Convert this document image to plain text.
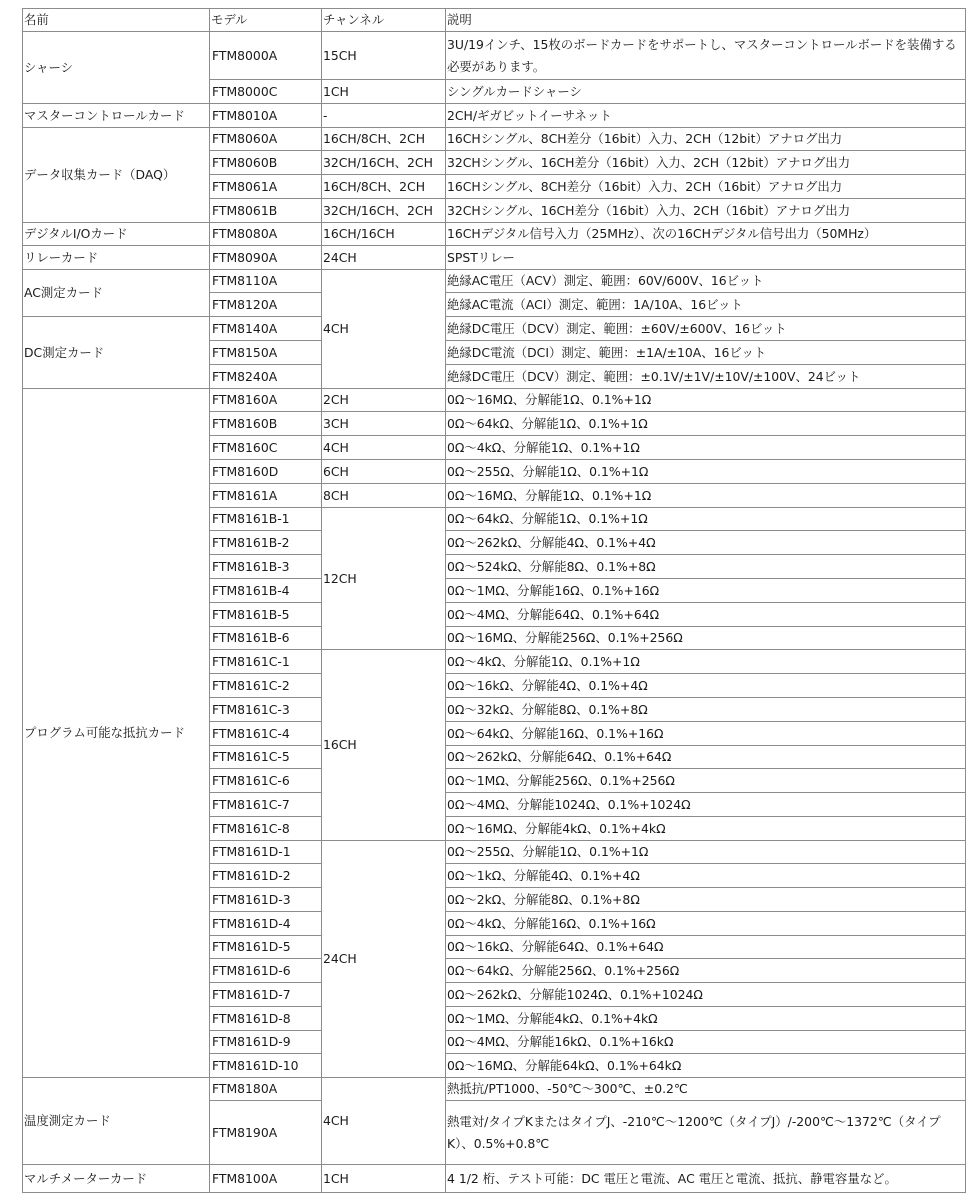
名前	モデル	チャンネル	説明
シャーシ	FTM8000A	15CH	3U/19インチ、15枚のボードカードをサポートし、マスターコントロールボードを装備する必要があります。
	FTM8000C	1CH	シングルカードシャーシ
マスターコントロールカード	FTM8010A	-	2CH/ギガビットイーサネット
データ収集カード（DAQ）	FTM8060A	16CH/8CH、2CH	16CHシングル、8CH差分（16bit）入力、2CH（12bit）アナログ出力
	FTM8060B	32CH/16CH、2CH	32CHシングル、16CH差分（16bit）入力、2CH（12bit）アナログ出力
	FTM8061A	16CH/8CH、2CH	16CHシングル、8CH差分（16bit）入力、2CH（16bit）アナログ出力
	FTM8061B	32CH/16CH、2CH	32CHシングル、16CH差分（16bit）入力、2CH（16bit）アナログ出力
デジタルI/Oカード	FTM8080A	16CH/16CH	16CHデジタル信号入力（25MHz）、次の16CHデジタル信号出力（50MHz）
リレーカード	FTM8090A	24CH	SPSTリレー
AC測定カード	FTM8110A	4CH	絶縁AC電圧（ACV）測定、範囲：60V/600V、16ビット
	FTM8120A		絶縁AC電流（ACI）測定、範囲：1A/10A、16ビット
DC測定カード	FTM8140A		絶縁DC電圧（DCV）測定、範囲：±60V/±600V、16ビット
	FTM8150A		絶縁DC電流（DCI）測定、範囲：±1A/±10A、16ビット
	FTM8240A		絶縁DC電圧（DCV）測定、範囲：±0.1V/±1V/±10V/±100V、24ビット
プログラム可能な抵抗カード	FTM8160A	2CH	0Ω～16MΩ、分解能1Ω、0.1%+1Ω
	FTM8160B	3CH	0Ω～64kΩ、分解能1Ω、0.1%+1Ω
	FTM8160C	4CH	0Ω～4kΩ、分解能1Ω、0.1%+1Ω
	FTM8160D	6CH	0Ω～255Ω、分解能1Ω、0.1%+1Ω
	FTM8161A	8CH	0Ω～16MΩ、分解能1Ω、0.1%+1Ω
	FTM8161B-1	12CH	0Ω～64kΩ、分解能1Ω、0.1%+1Ω
	FTM8161B-2		0Ω～262kΩ、分解能4Ω、0.1%+4Ω
	FTM8161B-3		0Ω～524kΩ、分解能8Ω、0.1%+8Ω
	FTM8161B-4		0Ω～1MΩ、分解能16Ω、0.1%+16Ω
	FTM8161B-5		0Ω～4MΩ、分解能64Ω、0.1%+64Ω
	FTM8161B-6		0Ω～16MΩ、分解能256Ω、0.1%+256Ω
	FTM8161C-1	16CH	0Ω～4kΩ、分解能1Ω、0.1%+1Ω
	FTM8161C-2		0Ω～16kΩ、分解能4Ω、0.1%+4Ω
	FTM8161C-3		0Ω～32kΩ、分解能8Ω、0.1%+8Ω
	FTM8161C-4		0Ω～64kΩ、分解能16Ω、0.1%+16Ω
	FTM8161C-5		0Ω～262kΩ、分解能64Ω、0.1%+64Ω
	FTM8161C-6		0Ω～1MΩ、分解能256Ω、0.1%+256Ω
	FTM8161C-7		0Ω～4MΩ、分解能1024Ω、0.1%+1024Ω
	FTM8161C-8		0Ω～16MΩ、分解能4kΩ、0.1%+4kΩ
	FTM8161D-1	24CH	0Ω～255Ω、分解能1Ω、0.1%+1Ω
	FTM8161D-2		0Ω～1kΩ、分解能4Ω、0.1%+4Ω
	FTM8161D-3		0Ω～2kΩ、分解能8Ω、0.1%+8Ω
	FTM8161D-4		0Ω～4kΩ、分解能16Ω、0.1%+16Ω
	FTM8161D-5		0Ω～16kΩ、分解能64Ω、0.1%+64Ω
	FTM8161D-6		0Ω～64kΩ、分解能256Ω、0.1%+256Ω
	FTM8161D-7		0Ω～262kΩ、分解能1024Ω、0.1%+1024Ω
	FTM8161D-8		0Ω～1MΩ、分解能4kΩ、0.1%+4kΩ
	FTM8161D-9		0Ω～4MΩ、分解能16kΩ、0.1%+16kΩ
	FTM8161D-10		0Ω～16MΩ、分解能64kΩ、0.1%+64kΩ
温度測定カード	FTM8180A	4CH	熱抵抗/PT1000、-50℃～300℃、±0.2℃
	FTM8190A		熱電対/タイプKまたはタイプJ、-210℃～1200℃（タイプJ）/-200℃～1372℃（タイプK）、0.5%+0.8℃
マルチメーターカード	FTM8100A	1CH	4 1/2 桁、テスト可能：DC 電圧と電流、AC 電圧と電流、抵抗、静電容量など。
